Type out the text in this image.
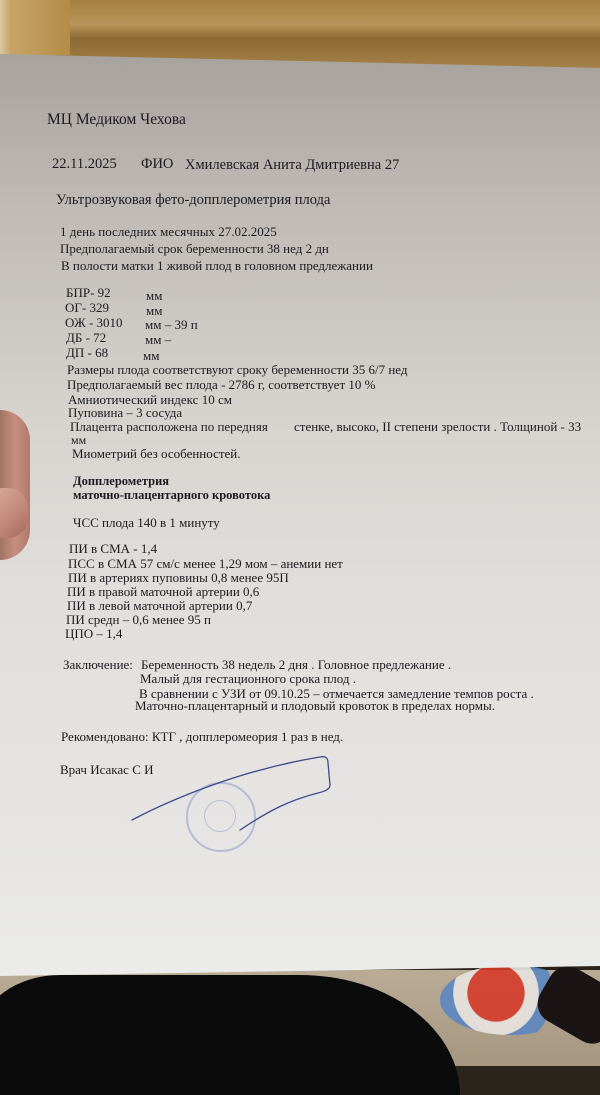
МЦ Медиком Чехова
22.11.2025 ФИО Хмилевская Анита Дмитриевна 27
Ультрозвуковая фето-допплерометрия плода
1 день последних месячных 27.02.2025
Предполагаемый срок беременности 38 нед 2 дн
В полости матки 1 живой плод в головном предлежании
БПР- 92	мм
ОГ- 329	мм
ОЖ - 3010 мм – 39 п
ДБ - 72	мм –
ДП - 68	мм
Размеры плода соответствуют сроку беременности 35 6/7 нед
Предполагаемый вес плода - 2786 г, соответствует 10 %
Амниотический индекс 10 см
Пуповина – 3 сосуда
Плацента расположена по передняя стенке, высоко, II степени зрелости . Толщиной - 33
мм
Миометрий без особенностей.
Допплерометрия
маточно-плацентарного кровотока
ЧСС плода 140 в 1 минуту
ПИ в СМА - 1,4
ПСС в СМА 57 см/с менее 1,29 мом – анемии нет
ПИ в артериях пуповины 0,8 менее 95П
ПИ в правой маточной артерии 0,6
ПИ в левой маточной артерии 0,7
ПИ средн – 0,6 менее 95 п
ЦПО – 1,4
Заключение: Беременность 38 недель 2 дня . Головное предлежание .
Малый для гестационного срока плод .
В сравнении с УЗИ от 09.10.25 – отмечается замедление темпов роста .
Маточно-плацентарный и плодовый кровоток в пределах нормы.
Рекомендовано: КТГ , допплеромеория 1 раз в нед.
Врач Исакас С И
